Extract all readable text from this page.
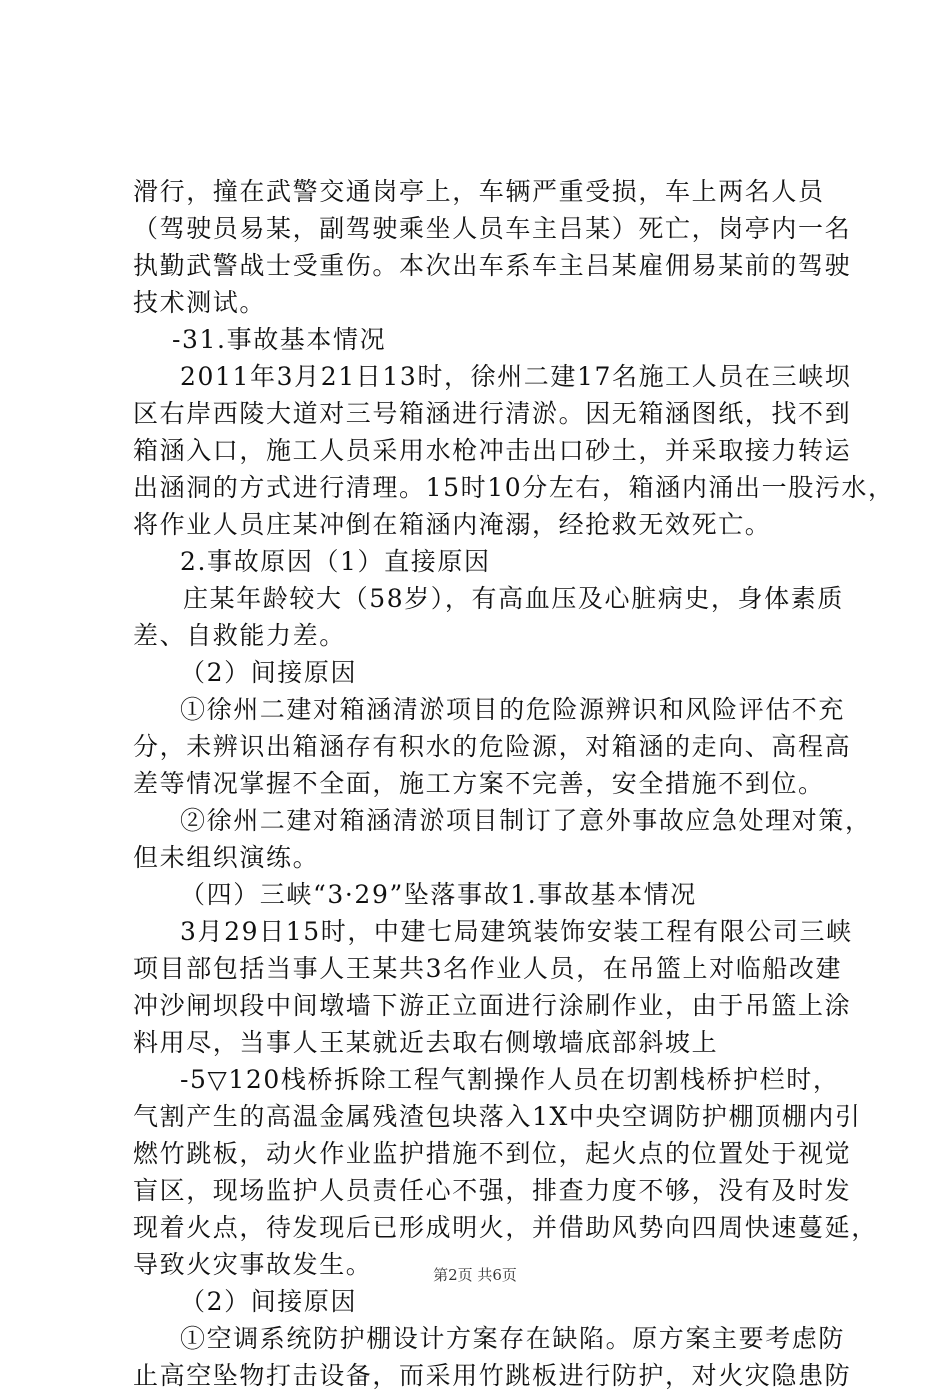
滑行，撞在武警交通岗亭上，车辆严重受损，车上两名人员
（驾驶员易某，副驾驶乘坐人员车主吕某）死亡，岗亭内一名
执勤武警战士受重伤。本次出车系车主吕某雇佣易某前的驾驶
技术测试。
-31.事故基本情况
2011年3月21日13时，徐州二建17名施工人员在三峡坝
区右岸西陵大道对三号箱涵进行清淤。因无箱涵图纸，找不到
箱涵入口，施工人员采用水枪冲击出口砂土，并采取接力转运
出涵洞的方式进行清理。15时10分左右，箱涵内涌出一股污水，
将作业人员庄某冲倒在箱涵内淹溺，经抢救无效死亡。
2.事故原因（1）直接原因
庄某年龄较大（58岁），有高血压及心脏病史，身体素质
差、自救能力差。
（2）间接原因
①徐州二建对箱涵清淤项目的危险源辨识和风险评估不充
分，未辨识出箱涵存有积水的危险源，对箱涵的走向、高程高
差等情况掌握不全面，施工方案不完善，安全措施不到位。
②徐州二建对箱涵清淤项目制订了意外事故应急处理对策，
但未组织演练。
（四）三峡“3·29”坠落事故1.事故基本情况
3月29日15时，中建七局建筑装饰安装工程有限公司三峡
项目部包括当事人王某共3名作业人员，在吊篮上对临船改建
冲沙闸坝段中间墩墙下游正立面进行涂刷作业，由于吊篮上涂
料用尽，当事人王某就近去取右侧墩墙底部斜坡上
-5▽120栈桥拆除工程气割操作人员在切割栈桥护栏时，
气割产生的高温金属残渣包块落入1X中央空调防护棚顶棚内引
燃竹跳板，动火作业监护措施不到位，起火点的位置处于视觉
盲区，现场监护人员责任心不强，排查力度不够，没有及时发
现着火点，待发现后已形成明火，并借助风势向四周快速蔓延，
导致火灾事故发生。
（2）间接原因
①空调系统防护棚设计方案存在缺陷。原方案主要考虑防
止高空坠物打击设备，而采用竹跳板进行防护，对火灾隐患防
第2页 共6页
